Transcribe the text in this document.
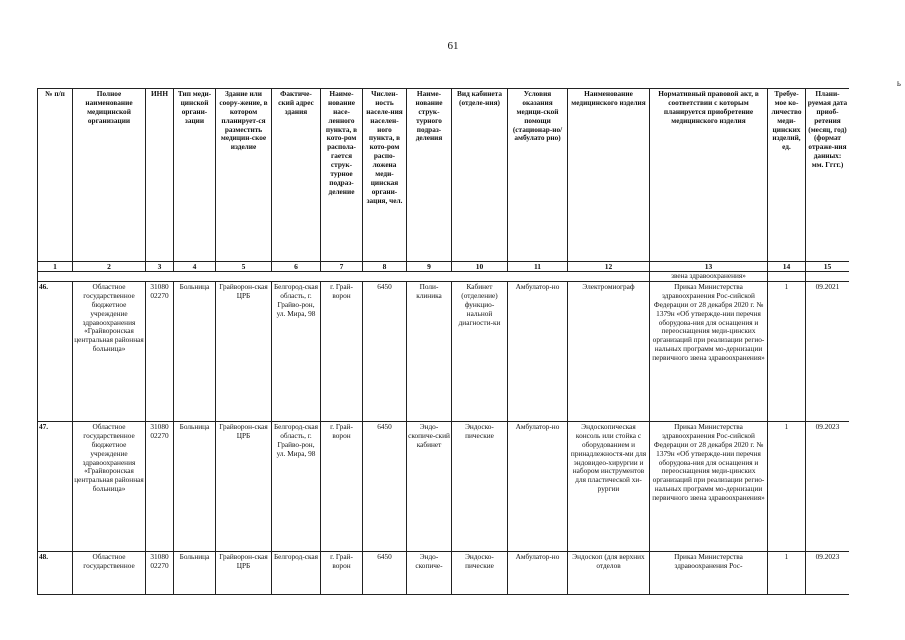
61
ь
№ п/п	Полное наименование медицинской организации	ИНН	Тип меди-цинской органи-зации	Здание или соору-жение, в котором планирует-ся разместить медицин-ское изделие	Фактиче-ский адрес здания	Наиме-нование насе-ленного пункта, в кото-ром распола-гается струк-турное подраз-деление	Числен-ность населе-ния населен-ного пункта, в кото-ром распо-ложена меди-цинская органи-зация, чел.	Наиме-нование струк-турного подраз-деления	Вид кабинета (отделе-ния)	Условия оказания медици-ской помощи (стационар-но/амбулато рно)	Наименование медицинского изделия	Нормативный правовой акт, в соответствии с которым планируется приобретение медицинского изделия	Требуе-мое ко-личество меди-цинских изделий, ед.	Плани-руемая дата приоб-ретения (месяц, год) (формат отраже-ния данных: мм. Гггг.)
1	2	3	4	5	6	7	8	9	10	11	12	13	14	15
												звена здравоохранения»		
46.	Областное государственное бюджетное учреждение здравоохранения «Грайворонская центральная районная больница»	31080 02270	Больница	Грайворон-ская ЦРБ	Белгород-ская область, г. Грайво-рон, ул. Мира, 98	г. Грай-ворон	6450	Поли-клиника	Кабинет (отделение) функцио-нальной диагности-ки	Амбулатор-но	Электромиограф	Приказ Министерства здравоохранения Рос-сийской Федерации от 28 декабря 2020 г. № 1379н «Об утвержде-нии перечня оборудова-ния для оснащения и переоснащения меди-цинских организаций при реализации регио-нальных программ мо-дернизации первичного звена здравоохранения»	1	09.2021
47.	Областное государственное бюджетное учреждение здравоохранения «Грайворонская центральная районная больница»	31080 02270	Больница	Грайворон-ская ЦРБ	Белгород-ская область, г. Грайво-рон, ул. Мира, 98	г. Грай-ворон	6450	Эндо-скопиче-ский кабинет	Эндоско-пические	Амбулатор-но	Эндоскопическая консоль или стойка с оборудованием и принадлежностя-ми для эндовидео-хирургии и набором инструментов для пластической хи-рургии	Приказ Министерства здравоохранения Рос-сийской Федерации от 28 декабря 2020 г. № 1379н «Об утвержде-нии перечня оборудова-ния для оснащения и переоснащения меди-цинских организаций при реализации регио-нальных программ мо-дернизации первичного звена здравоохранения»	1	09.2023
48.	Областное государственное	31080 02270	Больница	Грайворон-ская ЦРБ	Белгород-ская	г. Грай-ворон	6450	Эндо-скопиче-	Эндоско-пические	Амбулатор-но	Эндоскоп (для верхних отделов	Приказ Министерства здравоохранения Рос-	1	09.2023
